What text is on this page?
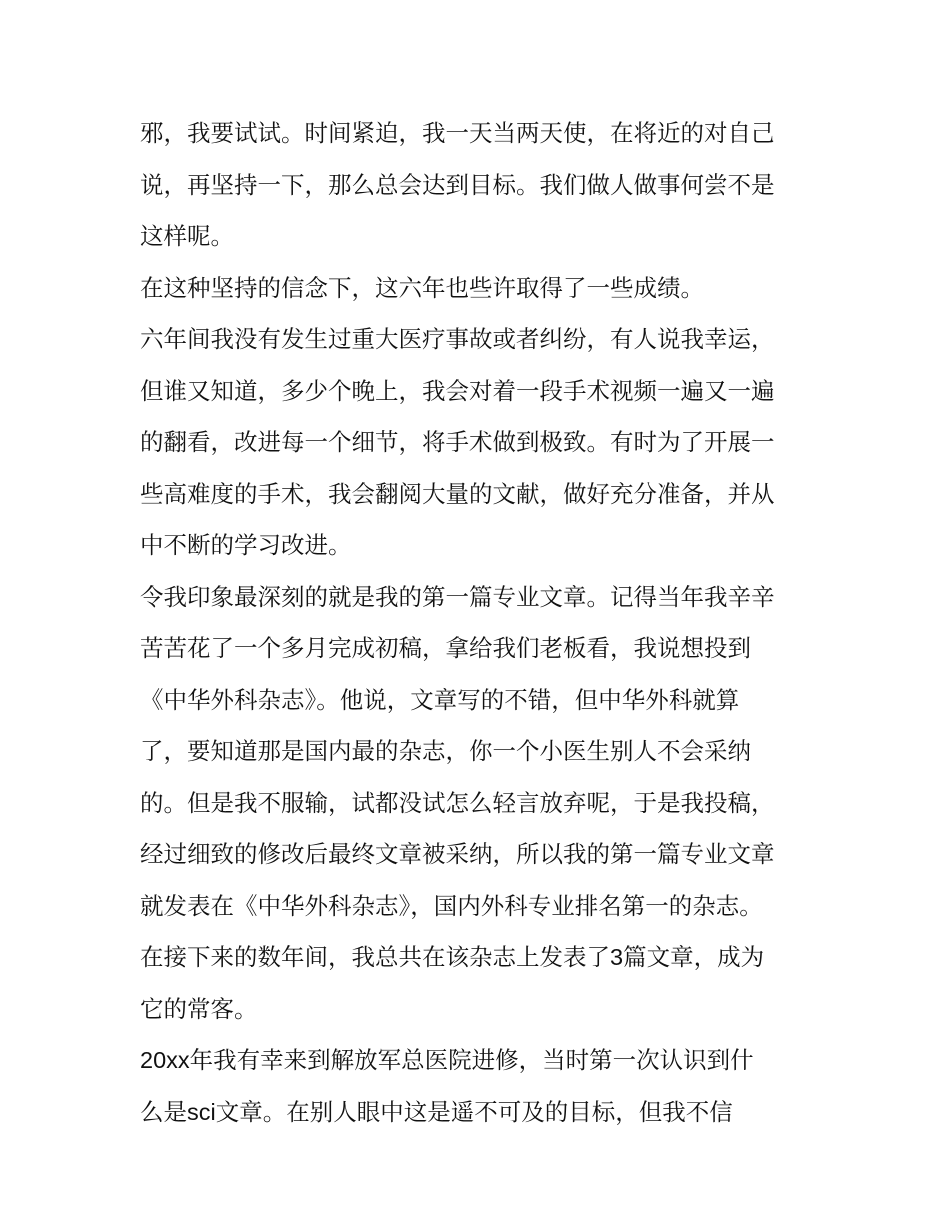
邪，我要试试。时间紧迫，我一天当两天使，在将近的对自己
说，再坚持一下，那么总会达到目标。我们做人做事何尝不是
这样呢。
在这种坚持的信念下，这六年也些许取得了一些成绩。
六年间我没有发生过重大医疗事故或者纠纷，有人说我幸运，
但谁又知道，多少个晚上，我会对着一段手术视频一遍又一遍
的翻看，改进每一个细节，将手术做到极致。有时为了开展一
些高难度的手术，我会翻阅大量的文献，做好充分准备，并从
中不断的学习改进。
令我印象最深刻的就是我的第一篇专业文章。记得当年我辛辛
苦苦花了一个多月完成初稿，拿给我们老板看，我说想投到
《中华外科杂志》。他说，文章写的不错，但中华外科就算
了，要知道那是国内最的杂志，你一个小医生别人不会采纳
的。但是我不服输，试都没试怎么轻言放弃呢，于是我投稿，
经过细致的修改后最终文章被采纳，所以我的第一篇专业文章
就发表在《中华外科杂志》，国内外科专业排名第一的杂志。
在接下来的数年间，我总共在该杂志上发表了3篇文章，成为
它的常客。
20xx年我有幸来到解放军总医院进修，当时第一次认识到什
么是sci文章。在别人眼中这是遥不可及的目标，但我不信
